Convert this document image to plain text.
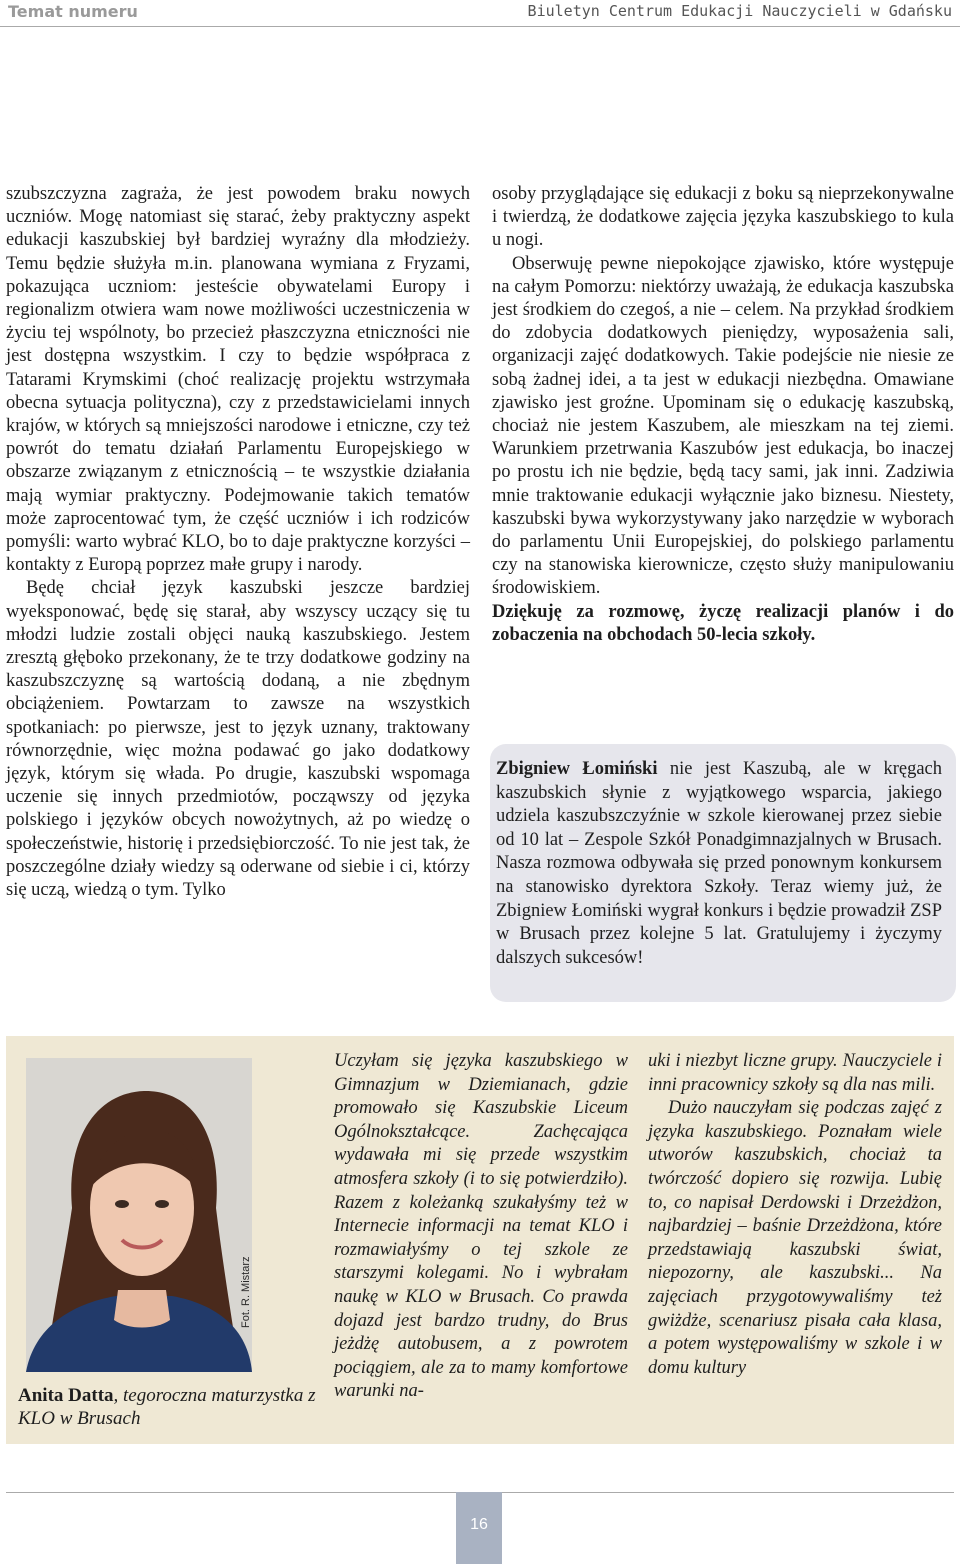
Temat numeru	Biuletyn Centrum Edukacji Nauczycieli w Gdańsku

szubszczyzna zagraża, że jest powodem braku nowych uczniów. Mogę natomiast się starać, żeby praktyczny aspekt edukacji kaszubskiej był bardziej wyraźny dla młodzieży. Temu będzie służyła m.in. planowana wymiana z Fryzami, pokazująca uczniom: jesteście obywatelami Europy i regionalizm otwiera wam nowe możliwości uczestniczenia w życiu tej wspólnoty, bo przecież płaszczyzna etniczności nie jest dostępna wszystkim. I czy to będzie współpraca z Tatarami Krymskimi (choć realizację projektu wstrzymała obecna sytuacja polityczna), czy z przedstawicielami innych krajów, w których są mniejszości narodowe i etniczne, czy też powrót do tematu działań Parlamentu Europejskiego w obszarze związanym z etnicznością – te wszystkie działania mają wymiar praktyczny. Podejmowanie takich tematów może zaprocentować tym, że część uczniów i ich rodziców pomyśli: warto wybrać KLO, bo to daje praktyczne korzyści – kontakty z Europą poprzez małe grupy i narody.

Będę chciał język kaszubski jeszcze bardziej wyeksponować, będę się starał, aby wszyscy uczący się tu młodzi ludzie zostali objęci nauką kaszubskiego. Jestem zresztą głęboko przekonany, że te trzy dodatkowe godziny na kaszubszczyznę są wartością dodaną, a nie zbędnym obciążeniem. Powtarzam to zawsze na wszystkich spotkaniach: po pierwsze, jest to język uznany, traktowany równorzędnie, więc można podawać go jako dodatkowy język, którym się włada. Po drugie, kaszubski wspomaga uczenie się innych przedmiotów, począwszy od języka polskiego i języków obcych nowożytnych, aż po wiedzę o społeczeństwie, historię i przedsiębiorczość. To nie jest tak, że poszczególne działy wiedzy są oderwane od siebie i ci, którzy się uczą, wiedzą o tym. Tylko

osoby przyglądające się edukacji z boku są nieprzekonywalne i twierdzą, że dodatkowe zajęcia języka kaszubskiego to kula u nogi.

Obserwuję pewne niepokojące zjawisko, które występuje na całym Pomorzu: niektórzy uważają, że edukacja kaszubska jest środkiem do czegoś, a nie – celem. Na przykład środkiem do zdobycia dodatkowych pieniędzy, wyposażenia sali, organizacji zajęć dodatkowych. Takie podejście nie niesie ze sobą żadnej idei, a ta jest w edukacji niezbędna. Omawiane zjawisko jest groźne. Upominam się o edukację kaszubską, chociaż nie jestem Kaszubem, ale mieszkam na tej ziemi. Warunkiem przetrwania Kaszubów jest edukacja, bo inaczej po prostu ich nie będzie, będą tacy sami, jak inni. Zadziwia mnie traktowanie edukacji wyłącznie jako biznesu. Niestety, kaszubski bywa wykorzystywany jako narzędzie w wyborach do parlamentu Unii Europejskiej, do polskiego parlamentu czy na stanowiska kierownicze, często służy manipulowaniu środowiskiem.

Dziękuję za rozmowę, życzę realizacji planów i do zobaczenia na obchodach 50-lecia szkoły.

Zbigniew Łomiński nie jest Kaszubą, ale w kręgach kaszubskich słynie z wyjątkowego wsparcia, jakiego udziela kaszubszczyźnie w szkole kierowanej przez siebie od 10 lat – Zespole Szkół Ponadgimnazjalnych w Brusach. Nasza rozmowa odbywała się przed ponownym konkursem na stanowisko dyrektora Szkoły. Teraz wiemy już, że Zbigniew Łomiński wygrał konkurs i będzie prowadził ZSP w Brusach przez kolejne 5 lat. Gratulujemy i życzymy dalszych sukcesów!
Fot. R. Mistarz
Anita Datta, tegoroczna maturzystka z KLO w Brusach

Uczyłam się języka kaszubskiego w Gimnazjum w Dziemianach, gdzie promowało się Kaszubskie Liceum Ogólnokształcące. Zachęcająca wydawała mi się przede wszystkim atmosfera szkoły (i to się potwierdziło). Razem z koleżanką szukałyśmy też w Internecie informacji na temat KLO i rozmawiałyśmy o tej szkole ze starszymi kolegami. No i wybrałam naukę w KLO w Brusach. Co prawda dojazd jest bardzo trudny, do Brus jeżdżę autobusem, a z powrotem pociągiem, ale za to mamy komfortowe warunki na-

uki i niezbyt liczne grupy. Nauczyciele i inni pracownicy szkoły są dla nas mili.

Dużo nauczyłam się podczas zajęć z języka kaszubskiego. Poznałam wiele utworów kaszubskich, chociaż ta twórczość dopiero się rozwija. Lubię to, co napisał Derdowski i Drzeżdżon, najbardziej – baśnie Drzeżdżona, które przedstawiają kaszubski świat, niepozorny, ale kaszubski... Na zajęciach przygotowywaliśmy też gwiżdże, scenariusz pisała cała klasa, a potem występowaliśmy w szkole i w domu kultury

16
